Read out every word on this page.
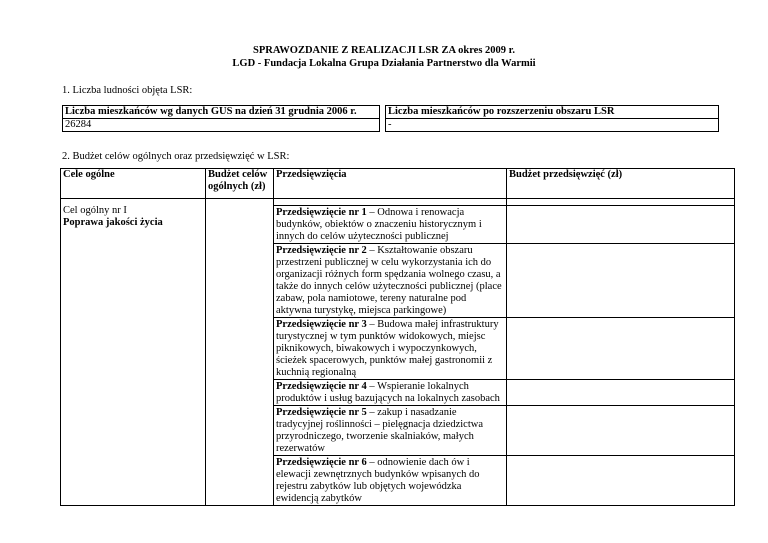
SPRAWOZDANIE Z REALIZACJI LSR ZA okres 2009 r.
LGD - Fundacja Lokalna Grupa Działania Partnerstwo dla Warmii
1. Liczba ludności objęta LSR:
Liczba mieszkańców wg danych GUS na dzień 31 grudnia 2006 r.		Liczba mieszkańców po rozszerzeniu obszaru LSR
26284		-
2. Budżet celów ogólnych oraz przedsięwzięć w LSR:
Cele ogólne	Budżet celów ogólnych (zł)	Przedsięwzięcia	Budżet przedsięwzięć (zł)

Cel ogólny nr I
Poprawa jakości życia			

		Przedsięwzięcie nr 1 – Odnowa i renowacja budynków, obiektów o znaczeniu historycznym i innych do celów użyteczności publicznej	
		Przedsięwzięcie nr 2 – Kształtowanie obszaru przestrzeni publicznej w celu wykorzystania ich do organizacji różnych form spędzania wolnego czasu, a także do innych celów użyteczności publicznej (place zabaw, pola namiotowe, tereny naturalne pod aktywna turystykę, miejsca parkingowe)	
		Przedsięwzięcie nr 3 – Budowa małej infrastruktury turystycznej w tym punktów widokowych, miejsc piknikowych, biwakowych i wypoczynkowych, ścieżek spacerowych, punktów małej gastronomii z kuchnią regionalną	
		Przedsięwzięcie nr 4 – Wspieranie lokalnych produktów i usług bazujących na lokalnych zasobach	
		Przedsięwzięcie nr 5 – zakup i nasadzanie tradycyjnej roślinności – pielęgnacja dziedzictwa przyrodniczego, tworzenie skalniaków, małych rezerwatów	
		Przedsięwzięcie nr 6 – odnowienie dach ów i elewacji zewnętrznych budynków wpisanych do rejestru zabytków lub objętych wojewódzka ewidencją zabytków	
